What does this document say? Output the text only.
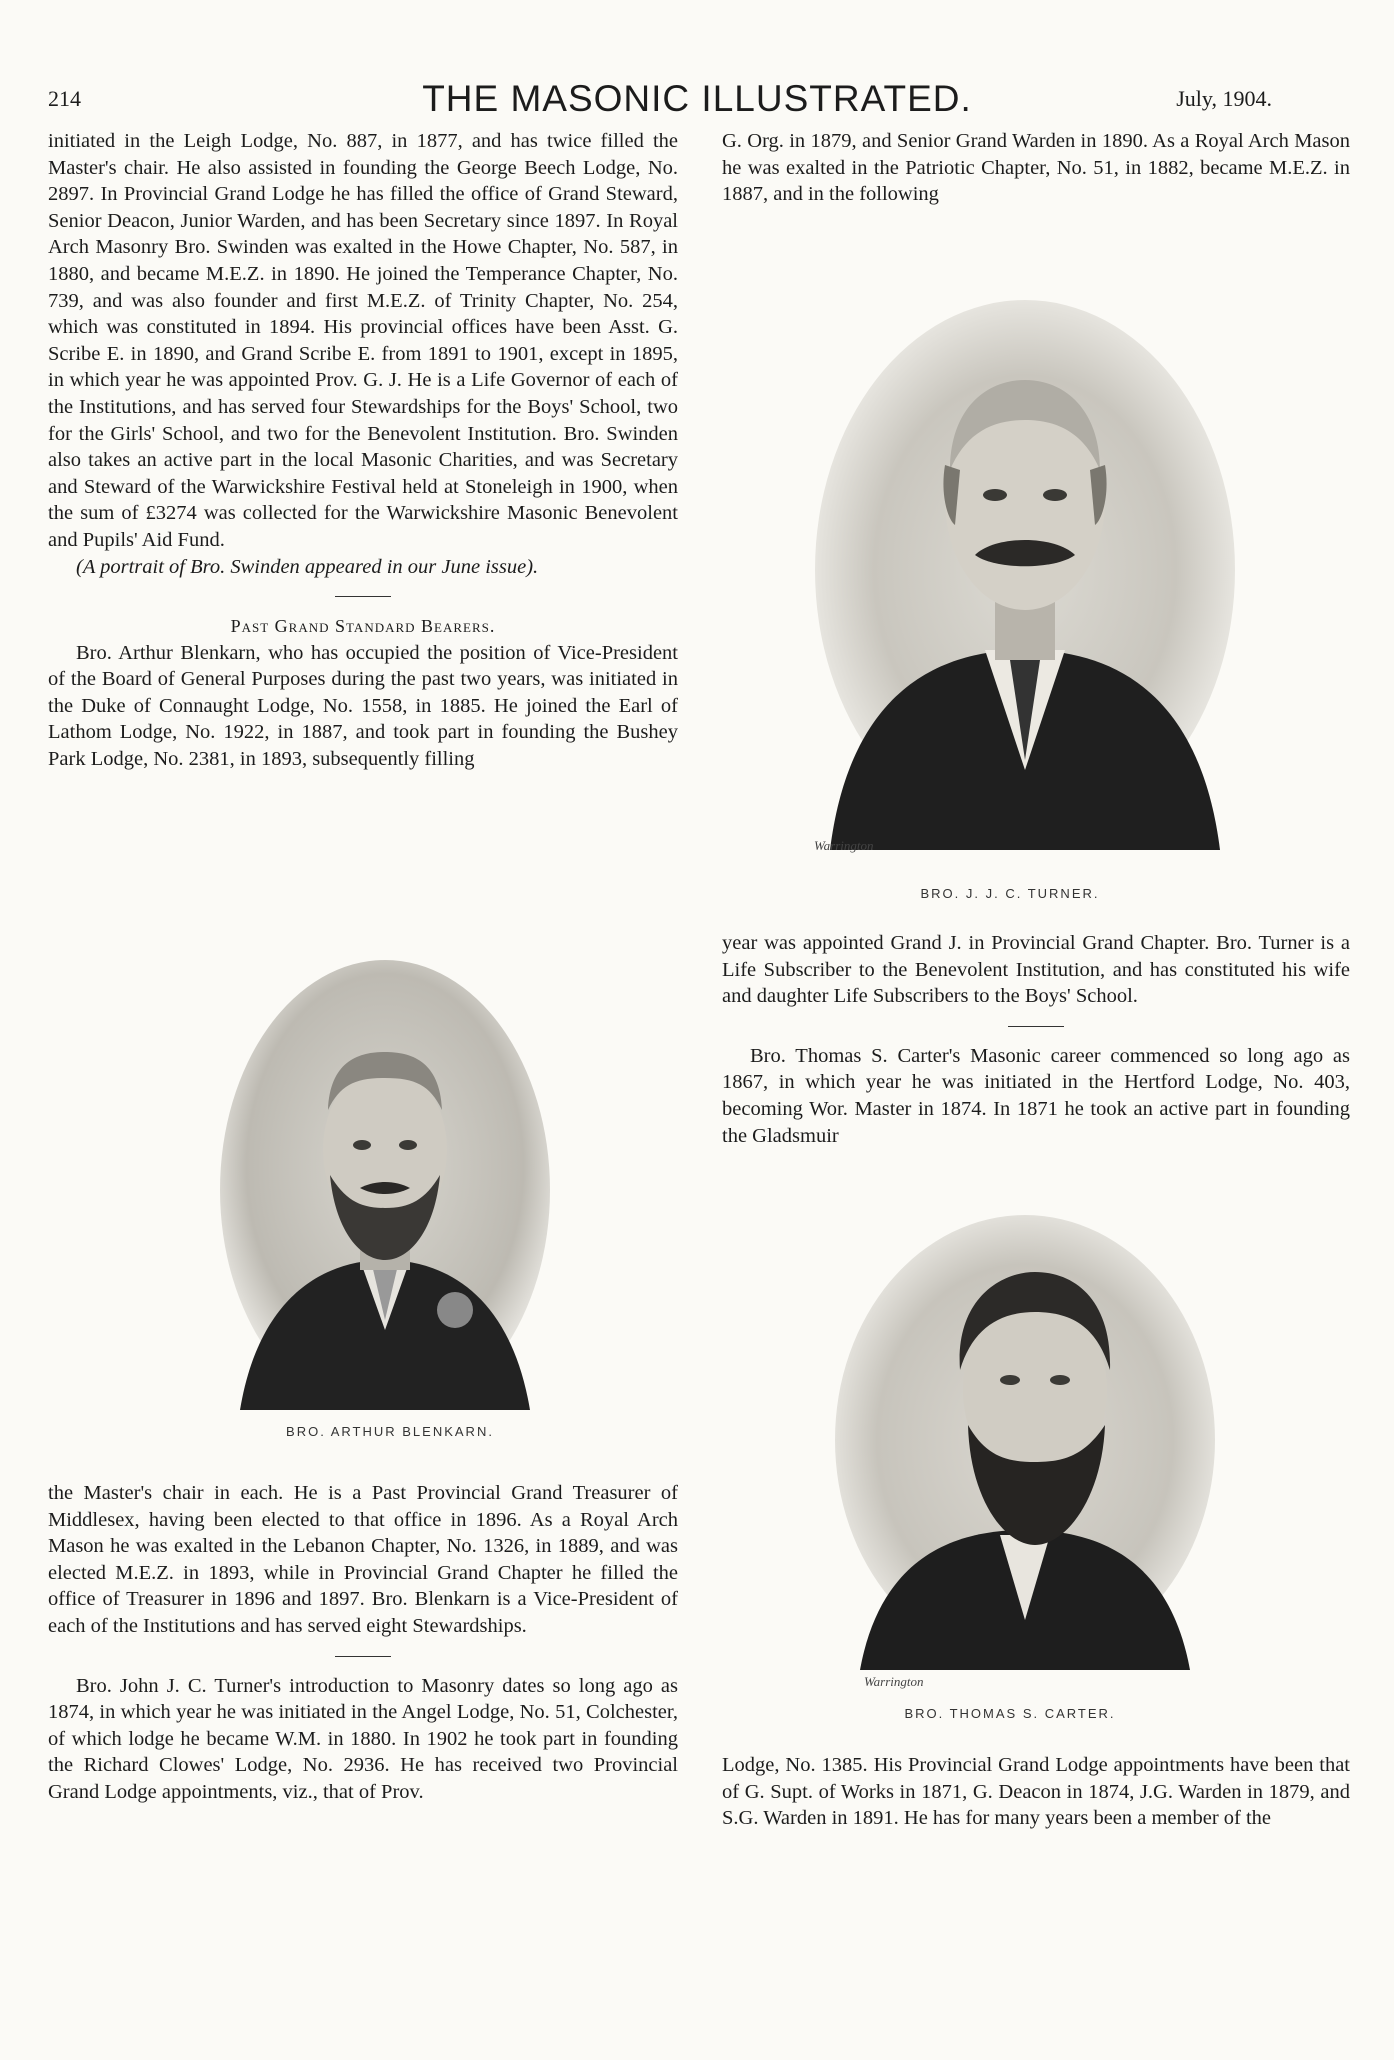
214	THE MASONIC ILLUSTRATED.	July, 1904.

initiated in the Leigh Lodge, No. 887, in 1877, and has twice filled the Master's chair. He also assisted in founding the George Beech Lodge, No. 2897. In Provincial Grand Lodge he has filled the office of Grand Steward, Senior Deacon, Junior Warden, and has been Secretary since 1897. In Royal Arch Masonry Bro. Swinden was exalted in the Howe Chapter, No. 587, in 1880, and became M.E.Z. in 1890. He joined the Temperance Chapter, No. 739, and was also founder and first M.E.Z. of Trinity Chapter, No. 254, which was constituted in 1894. His provincial offices have been Asst. G. Scribe E. in 1890, and Grand Scribe E. from 1891 to 1901, except in 1895, in which year he was appointed Prov. G. J. He is a Life Governor of each of the Institutions, and has served four Stewardships for the Boys' School, two for the Girls' School, and two for the Benevolent Institution. Bro. Swinden also takes an active part in the local Masonic Charities, and was Secretary and Steward of the Warwickshire Festival held at Stoneleigh in 1900, when the sum of £3274 was collected for the Warwickshire Masonic Benevolent and Pupils' Aid Fund.

(A portrait of Bro. Swinden appeared in our June issue).

Past Grand Standard Bearers.

Bro. Arthur Blenkarn, who has occupied the position of Vice-President of the Board of General Purposes during the past two years, was initiated in the Duke of Connaught Lodge, No. 1558, in 1885. He joined the Earl of Lathom Lodge, No. 1922, in 1887, and took part in founding the Bushey Park Lodge, No. 2381, in 1893, subsequently filling

BRO. ARTHUR BLENKARN.

the Master's chair in each. He is a Past Provincial Grand Treasurer of Middlesex, having been elected to that office in 1896. As a Royal Arch Mason he was exalted in the Lebanon Chapter, No. 1326, in 1889, and was elected M.E.Z. in 1893, while in Provincial Grand Chapter he filled the office of Treasurer in 1896 and 1897. Bro. Blenkarn is a Vice-President of each of the Institutions and has served eight Stewardships.

Bro. John J. C. Turner's introduction to Masonry dates so long ago as 1874, in which year he was initiated in the Angel Lodge, No. 51, Colchester, of which lodge he became W.M. in 1880. In 1902 he took part in founding the Richard Clowes' Lodge, No. 2936. He has received two Provincial Grand Lodge appointments, viz., that of Prov.

G. Org. in 1879, and Senior Grand Warden in 1890. As a Royal Arch Mason he was exalted in the Patriotic Chapter, No. 51, in 1882, became M.E.Z. in 1887, and in the following

Warrington
BRO. J. J. C. TURNER.

year was appointed Grand J. in Provincial Grand Chapter. Bro. Turner is a Life Subscriber to the Benevolent Institution, and has constituted his wife and daughter Life Subscribers to the Boys' School.

Bro. Thomas S. Carter's Masonic career commenced so long ago as 1867, in which year he was initiated in the Hertford Lodge, No. 403, becoming Wor. Master in 1874. In 1871 he took an active part in founding the Gladsmuir

Warrington
BRO. THOMAS S. CARTER.

Lodge, No. 1385. His Provincial Grand Lodge appointments have been that of G. Supt. of Works in 1871, G. Deacon in 1874, J.G. Warden in 1879, and S.G. Warden in 1891. He has for many years been a member of the
